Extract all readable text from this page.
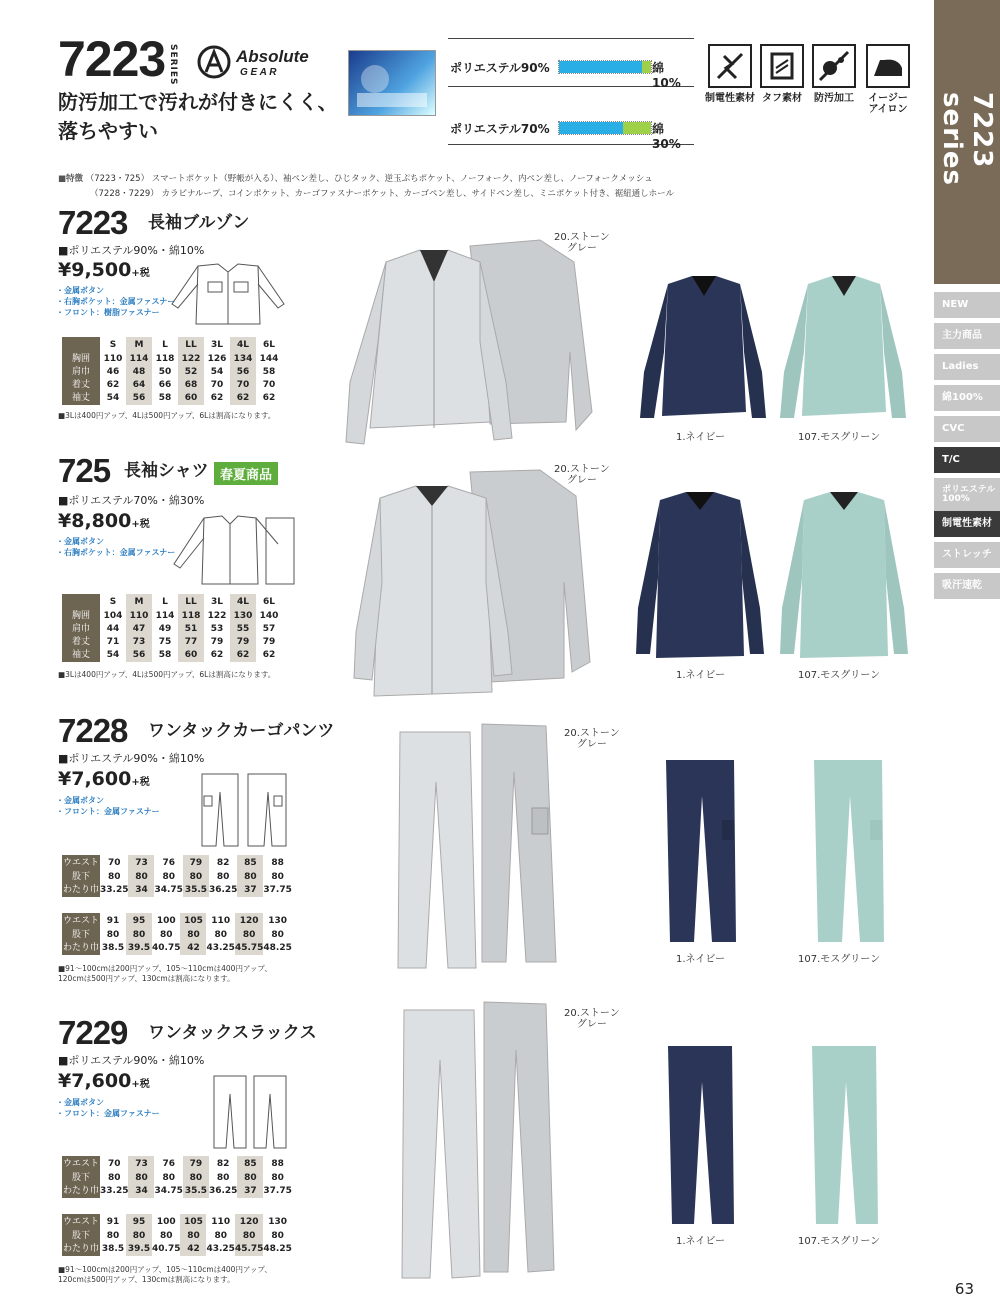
7223 SERIES	Absolute
G E A R
防汚加工で汚れが付きにくく、
落ちやすい
ポリエステル90%	綿 10%
ポリエステル70%	綿 30%
制電性素材 タフ素材	防汚加工	イージー
アイロン	7223 series
NEW
主力商品
Ladies
綿100%
CVC
T/C
ポリエステル
100%
制電性素材
ストレッチ
吸汗速乾
■特徴 （7223・725） スマートポケット（野帳が入る）、袖ペン差し、ひじタック、逆玉ぷちポケット、ノーフォーク、内ペン差し、ノーフォークメッシュ
（7228・7229） カラビナループ、コインポケット、カーゴファスナーポケット、カーゴペン差し、サイドペン差し、ミニポケット付き、裾紐通しホール
7223 長袖ブルゾン
■ポリエステル90%・綿10%
¥9,500+税
・金属ボタン
・右胸ポケット：金属ファスナー
・フロント：樹脂ファスナー
	S	M	L	LL	3L	4L	6L
胸囲	110	114	118	122	126	134	144
肩巾	46	48	50	52	54	56	58
着丈	62	64	66	68	70	70	70
袖丈	54	56	58	60	62	62	62
■3Lは400円アップ、4Lは500円アップ、6Lは割高になります。
20.ストーン
グレー
1.ネイビー	107.モスグリーン
725 長袖シャツ 春夏商品
■ポリエステル70%・綿30%
¥8,800+税
・金属ボタン
・右胸ポケット：金属ファスナー
	S	M	L	LL	3L	4L	6L
胸囲	104	110	114	118	122	130	140
肩巾	44	47	49	51	53	55	57
着丈	71	73	75	77	79	79	79
袖丈	54	56	58	60	62	62	62
■3Lは400円アップ、4Lは500円アップ、6Lは割高になります。
20.ストーン
グレー
1.ネイビー	107.モスグリーン
7228 ワンタックカーゴパンツ
■ポリエステル90%・綿10%
¥7,600+税
・金属ボタン
・フロント：金属ファスナー
ウエスト	70	73	76	79	82	85	88
股下	80	80	80	80	80	80	80
わたり巾	33.25	34	34.75	35.5	36.25	37	37.75
ウエスト	91	95	100	105	110	120	130
股下	80	80	80	80	80	80	80
わたり巾	38.5	39.5	40.75	42	43.25	45.75	48.25
■91〜100cmは200円アップ、105〜110cmは400円アップ、
120cmは500円アップ、130cmは割高になります。
20.ストーン
グレー
1.ネイビー	107.モスグリーン
7229 ワンタックスラックス
■ポリエステル90%・綿10%
¥7,600+税
・金属ボタン
・フロント：金属ファスナー
ウエスト	70	73	76	79	82	85	88
股下	80	80	80	80	80	80	80
わたり巾	33.25	34	34.75	35.5	36.25	37	37.75
ウエスト	91	95	100	105	110	120	130
股下	80	80	80	80	80	80	80
わたり巾	38.5	39.5	40.75	42	43.25	45.75	48.25
■91〜100cmは200円アップ、105〜110cmは400円アップ、
120cmは500円アップ、130cmは割高になります。
20.ストーン
グレー
1.ネイビー	107.モスグリーン
63
